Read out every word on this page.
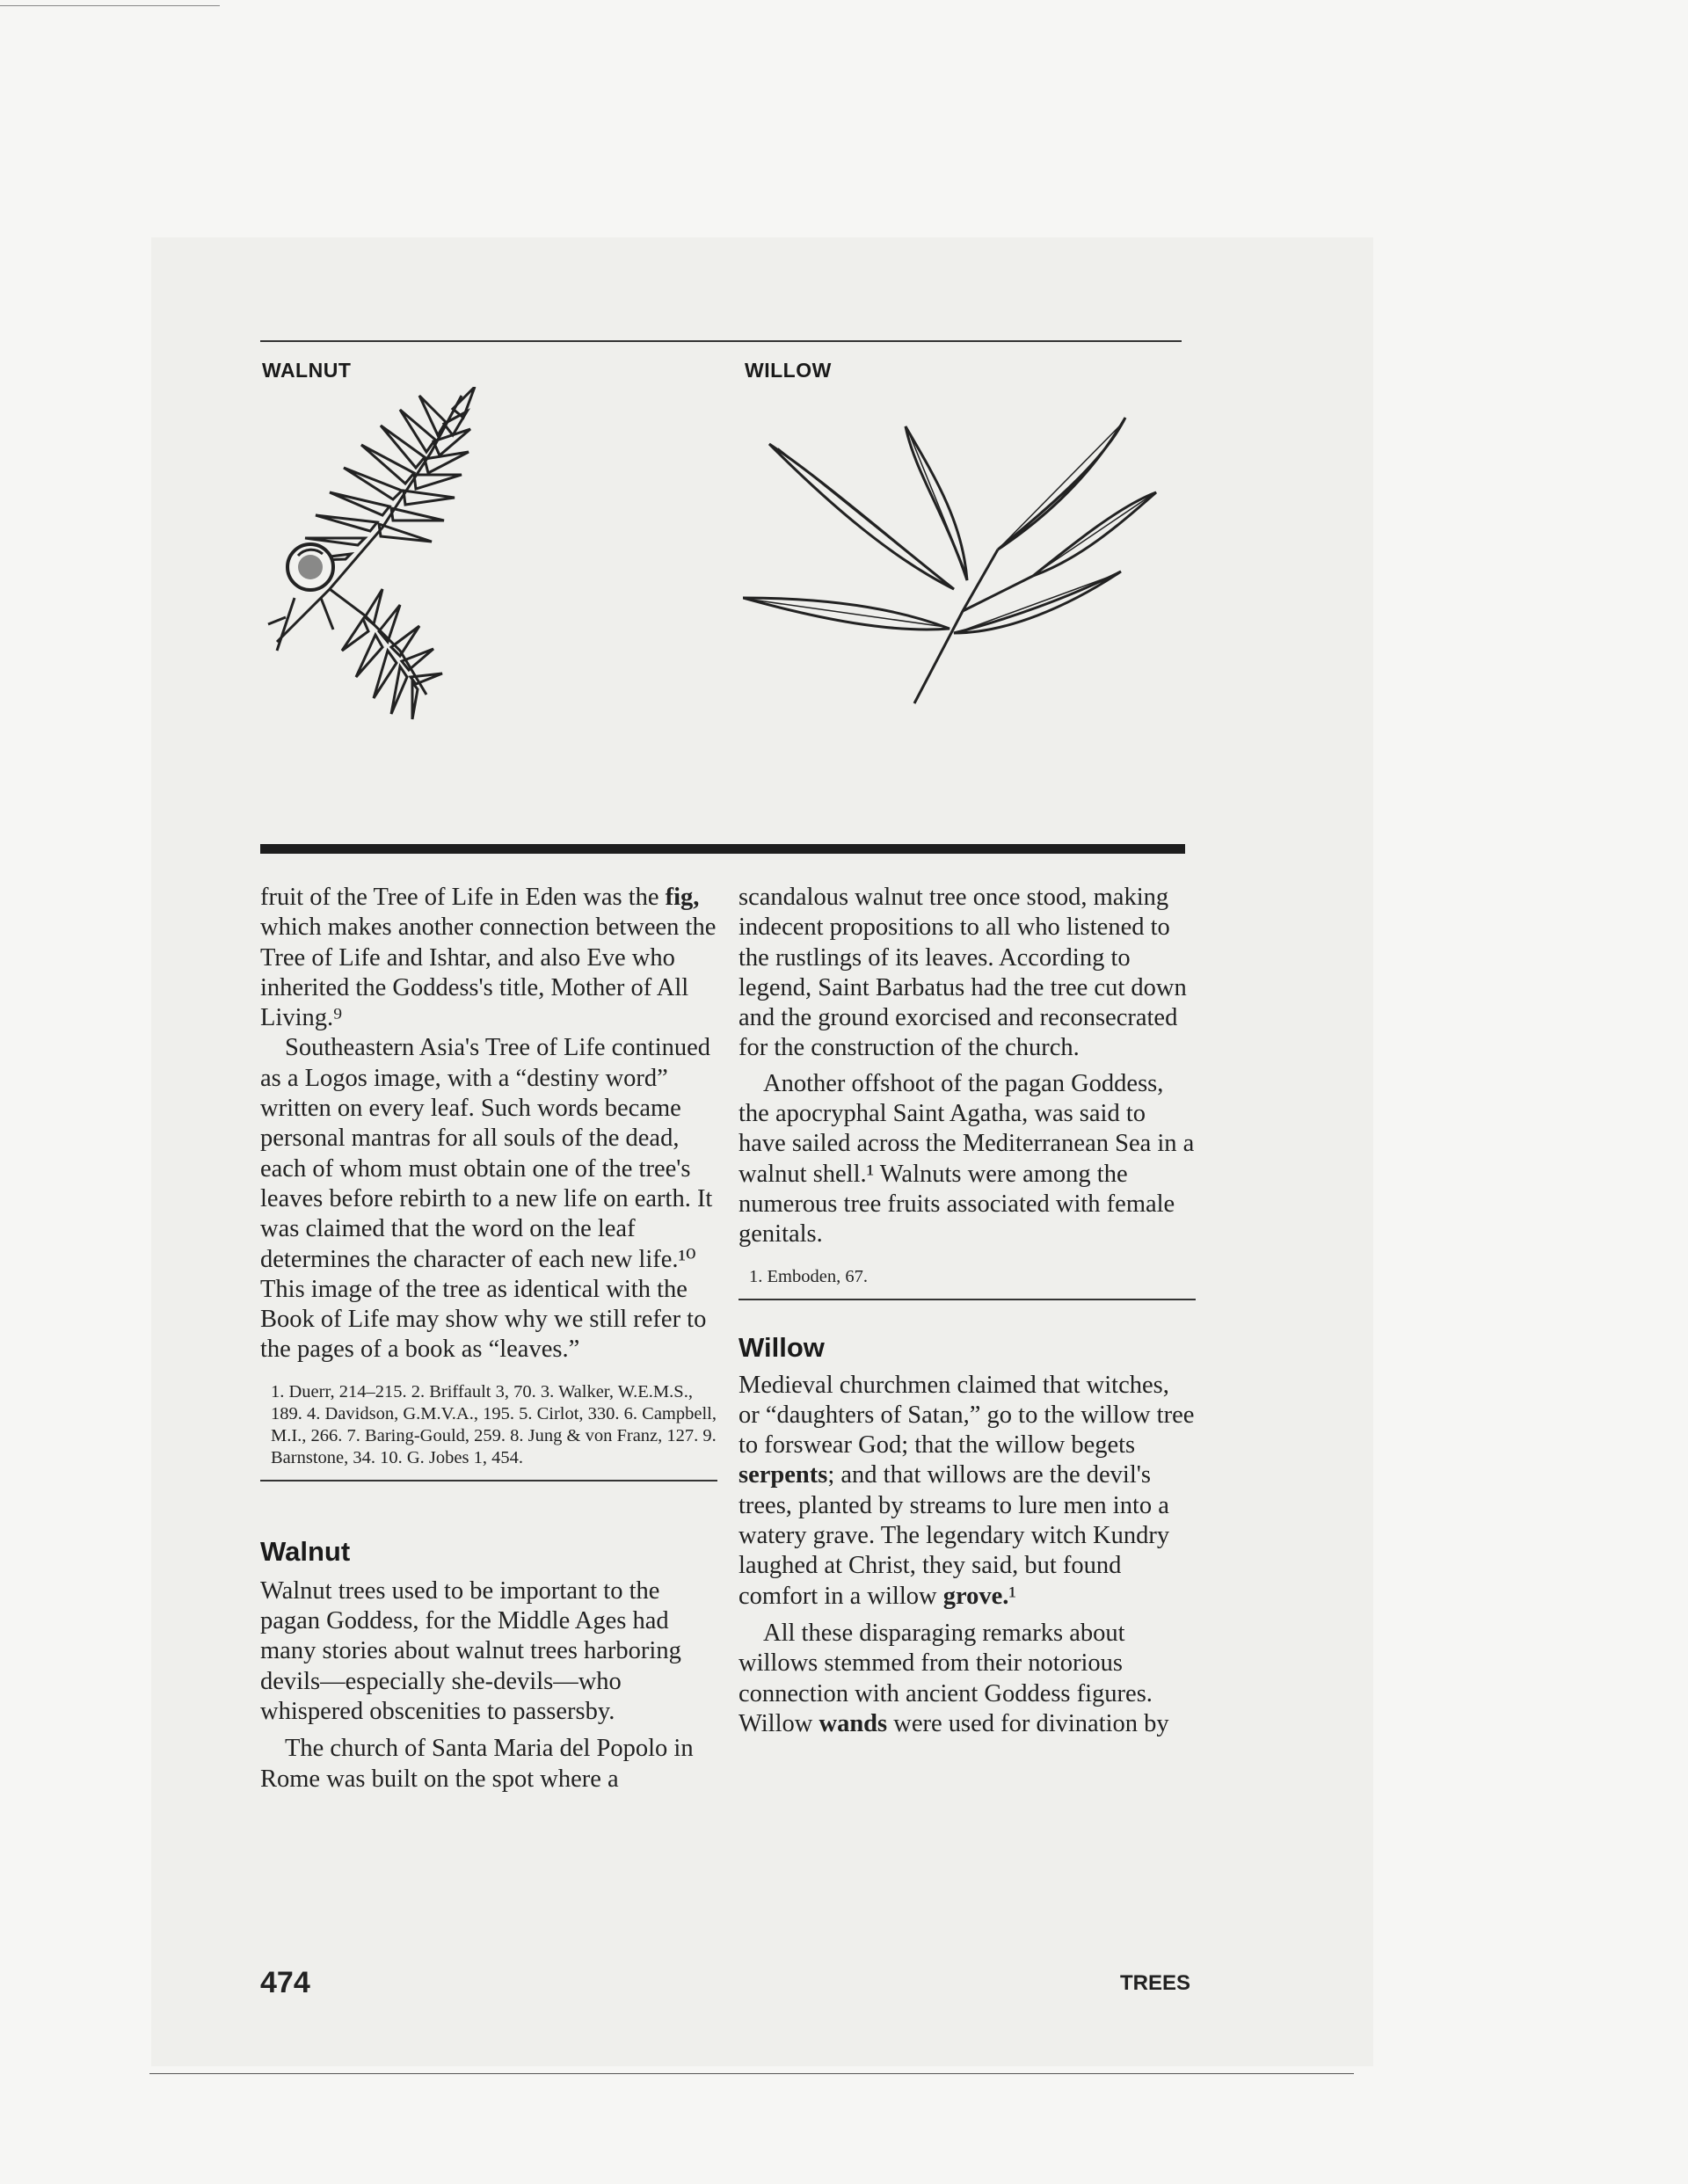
WALNUT	WILLOW

fruit of the Tree of Life in Eden was the fig, which makes another connection between the Tree of Life and Ishtar, and also Eve who inherited the Goddess's title, Mother of All Living.⁹

Southeastern Asia's Tree of Life continued as a Logos image, with a “destiny word” written on every leaf. Such words became personal mantras for all souls of the dead, each of whom must obtain one of the tree's leaves before rebirth to a new life on earth. It was claimed that the word on the leaf determines the character of each new life.¹⁰ This image of the tree as identical with the Book of Life may show why we still refer to the pages of a book as “leaves.”

1. Duerr, 214–215. 2. Briffault 3, 70. 3. Walker, W.E.M.S., 189. 4. Davidson, G.M.V.A., 195. 5. Cirlot, 330. 6. Campbell, M.I., 266. 7. Baring-Gould, 259. 8. Jung & von Franz, 127. 9. Barnstone, 34. 10. G. Jobes 1, 454.
Walnut

Walnut trees used to be important to the pagan Goddess, for the Middle Ages had many stories about walnut trees harboring devils—especially she-devils—who whispered obscenities to passersby.

The church of Santa Maria del Popolo in Rome was built on the spot where a

scandalous walnut tree once stood, making indecent propositions to all who listened to the rustlings of its leaves. According to legend, Saint Barbatus had the tree cut down and the ground exorcised and reconsecrated for the construction of the church.

Another offshoot of the pagan Goddess, the apocryphal Saint Agatha, was said to have sailed across the Mediterranean Sea in a walnut shell.¹ Walnuts were among the numerous tree fruits associated with female genitals.

1. Emboden, 67.
Willow

Medieval churchmen claimed that witches, or “daughters of Satan,” go to the willow tree to forswear God; that the willow begets serpents; and that willows are the devil's trees, planted by streams to lure men into a watery grave. The legendary witch Kundry laughed at Christ, they said, but found comfort in a willow grove.¹

All these disparaging remarks about willows stemmed from their notorious connection with ancient Goddess figures. Willow wands were used for divination by

474	TREES
